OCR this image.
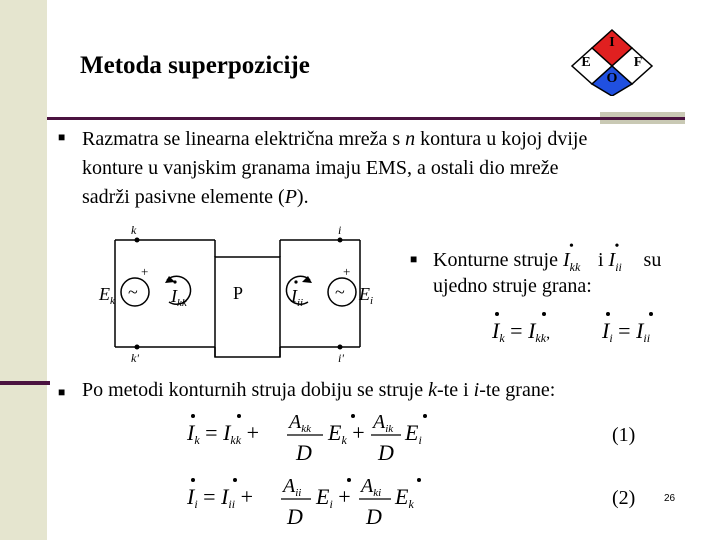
Metoda superpozicije
I
E	F
O
■ Razmatra se linearna električna mreža s n kontura u kojoj dvije
konture u vanjskim granama imaju EMS, a ostali dio mreže
sadrži pasivne elemente (P).
k	i
k'	i'
P
~	~
+	+
$E_k$	$E_i$
$I_{kk}$	$I_{ii}$
■ Konturne struje
•
$I_{kk}$ i
•
$I_{ii}$ su
ujedno struje grana:
Ik = Ikk, Ii = Iii
■ Po metodi konturnih struja dobiju se struje k-te i i-te grane:
Ik = Ikk + $A_{kk}$
D
$Ek + A_{ik}$
D
Ei	(1)
Ii = Iii + $A_{ii}$
D
$Ei + A_{ki}$
D
Ek	(2)	26
